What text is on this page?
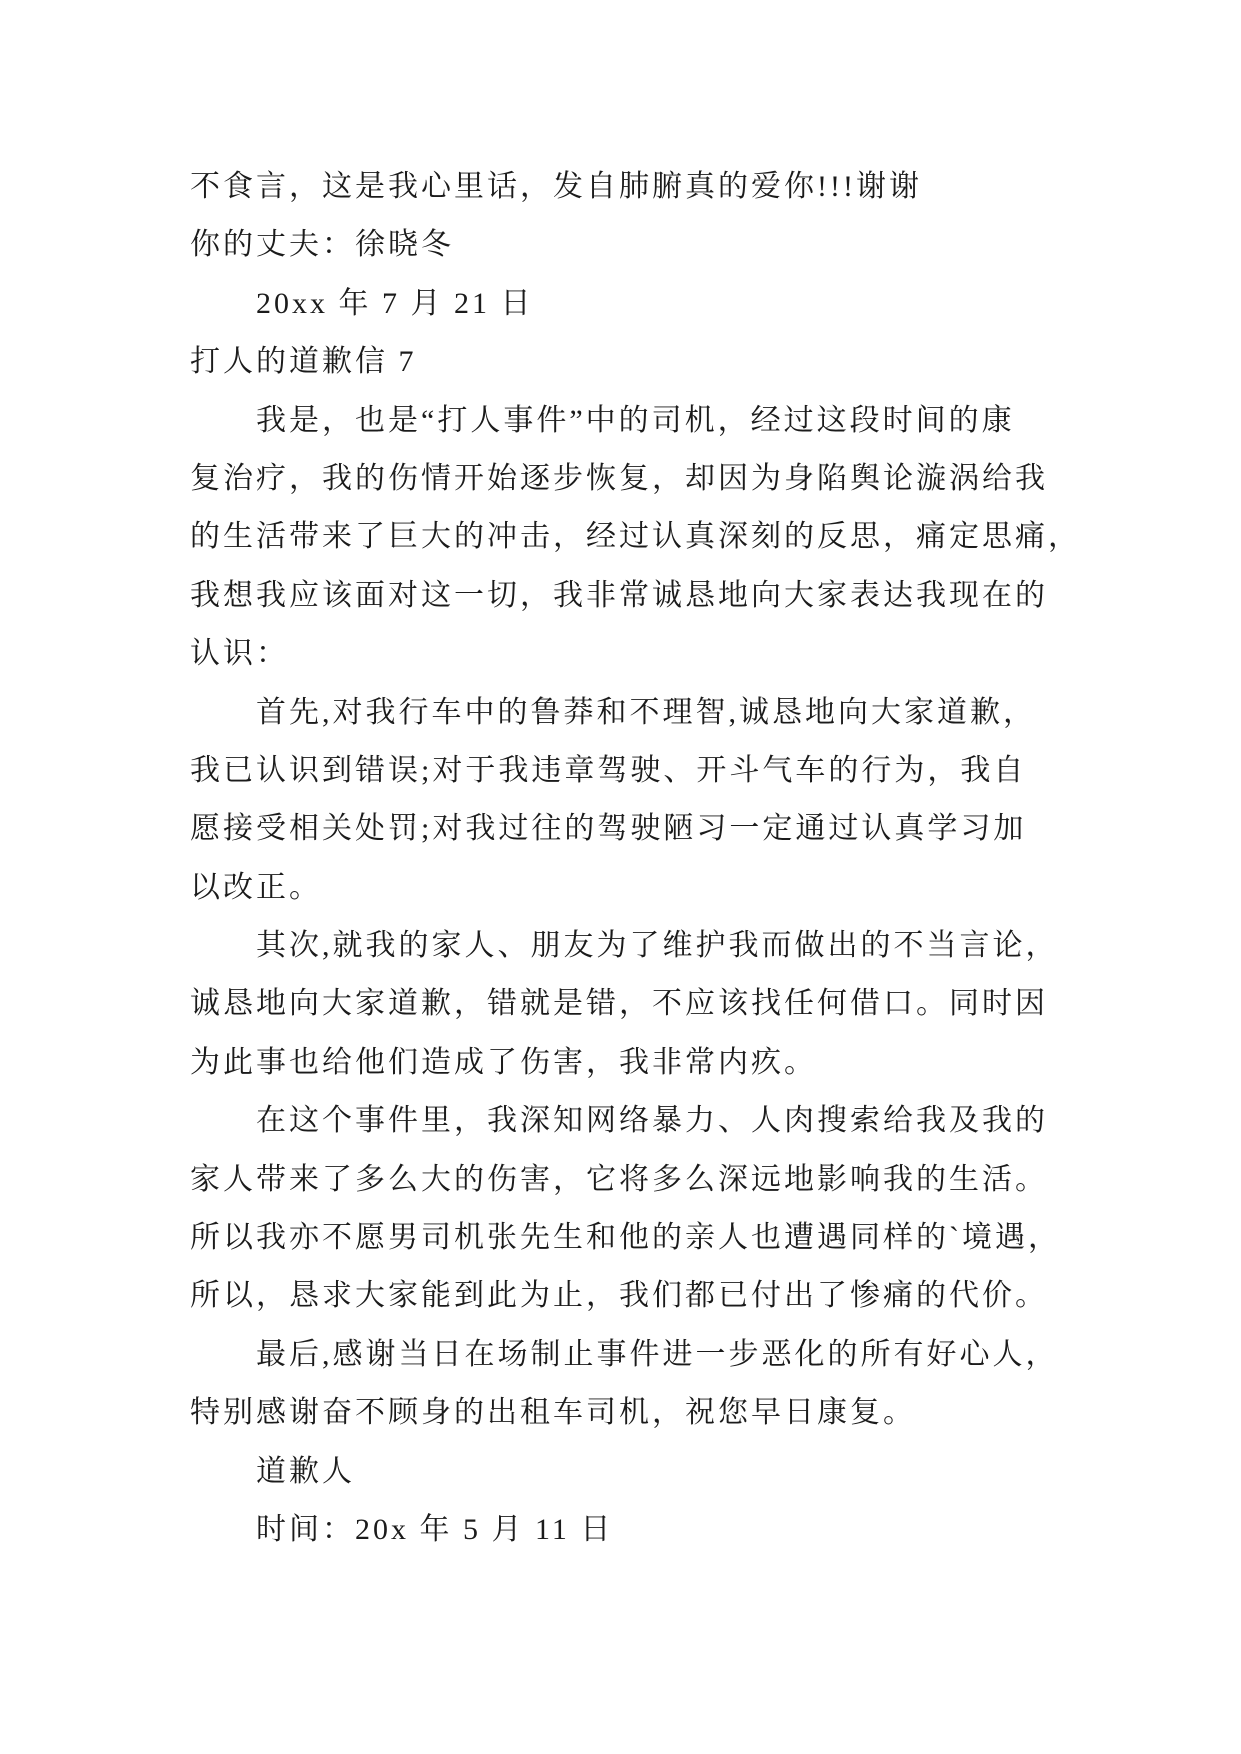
不食言，这是我心里话，发自肺腑真的爱你!!!谢谢
你的丈夫：徐晓冬
20xx 年 7 月 21 日
打人的道歉信 7
我是，也是“打人事件”中的司机，经过这段时间的康
复治疗，我的伤情开始逐步恢复，却因为身陷舆论漩涡给我
的生活带来了巨大的冲击，经过认真深刻的反思，痛定思痛，
我想我应该面对这一切，我非常诚恳地向大家表达我现在的
认识：
首先,对我行车中的鲁莽和不理智,诚恳地向大家道歉，
我已认识到错误;对于我违章驾驶、开斗气车的行为，我自
愿接受相关处罚;对我过往的驾驶陋习一定通过认真学习加
以改正。
其次,就我的家人、朋友为了维护我而做出的不当言论，
诚恳地向大家道歉，错就是错，不应该找任何借口。同时因
为此事也给他们造成了伤害，我非常内疚。
在这个事件里，我深知网络暴力、人肉搜索给我及我的
家人带来了多么大的伤害，它将多么深远地影响我的生活。
所以我亦不愿男司机张先生和他的亲人也遭遇同样的`境遇，
所以，恳求大家能到此为止，我们都已付出了惨痛的代价。
最后,感谢当日在场制止事件进一步恶化的所有好心人，
特别感谢奋不顾身的出租车司机，祝您早日康复。
道歉人
时间：20x 年 5 月 11 日
